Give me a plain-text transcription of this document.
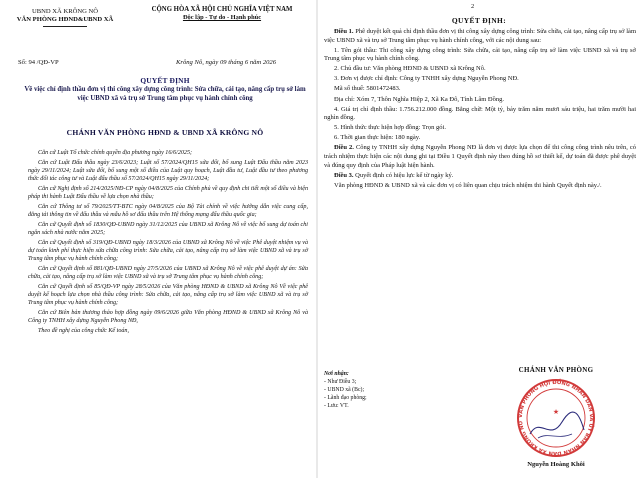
UBND XÃ KRÔNG NÔ
VĂN PHÒNG HĐND&UBND XÃ
CỘNG HÒA XÃ HỘI CHỦ NGHĨA VIỆT NAM
Độc lập - Tự do - Hạnh phúc
Số: 94 /QĐ-VP	Krông Nô, ngày 09 tháng 6 năm 2026
QUYẾT ĐỊNH
Về việc chỉ định thầu đơn vị thi công xây dựng công trình: Sửa chữa, cải tạo, nâng cấp trụ sở làm việc UBND xã và trụ sở Trung tâm phục vụ hành chính công
CHÁNH VĂN PHÒNG HĐND & UBND XÃ KRÔNG NÔ

Căn cứ Luật Tổ chức chính quyền địa phương ngày 16/6/2025;

Căn cứ Luật Đấu thầu ngày 23/6/2023; Luật số 57/2024/QH15 sửa đổi, bổ sung Luật Đấu thầu năm 2023 ngày 29/11/2024; Luật sửa đổi, bổ sung một số điều của Luật quy hoạch, Luật đầu tư, Luật đầu tư theo phương thức đối tác công tư và Luật đấu thầu số 57/2024/QH15 ngày 29/11/2024;

Căn cứ Nghị định số 214/2025/NĐ-CP ngày 04/8/2025 của Chính phủ về quy định chi tiết một số điều và biện pháp thi hành Luật Đấu thầu về lựa chọn nhà thầu;

Căn cứ Thông tư số 79/2025/TT-BTC ngày 04/8/2025 của Bộ Tài chính về việc hướng dẫn việc cung cấp, đăng tải thông tin về đấu thầu và mẫu hồ sơ đấu thầu trên Hệ thống mạng đấu thầu quốc gia;

Căn cứ Quyết định số 1830/QĐ-UBND ngày 31/12/2025 của UBND xã Krông Nô về việc bổ sung dự toán chi ngân sách nhà nước năm 2025;

Căn cứ Quyết định số 319/QĐ-UBND ngày 18/3/2026 của UBND xã Krông Nô về việc Phê duyệt nhiệm vụ và dự toán kinh phí thực hiện sửa chữa công trình: Sửa chữa, cải tạo, nâng cấp trụ sở làm việc UBND xã và trụ sở Trung tâm phục vụ hành chính công;

Căn cứ Quyết định số 881/QĐ-UBND ngày 27/5/2026 của UBND xã Krông Nô về việc phê duyệt dự án: Sửa chữa, cải tạo, nâng cấp trụ sở làm việc UBND xã và trụ sở Trung tâm phục vụ hành chính công;

Căn cứ Quyết định số 85/QĐ-VP ngày 28/5/2026 của Văn phòng HĐND & UBND xã Krông Nô Về việc phê duyệt kế hoạch lựa chọn nhà thầu công trình: Sửa chữa, cải tạo, nâng cấp trụ sở làm việc UBND xã và trụ sở Trung tâm phục vụ hành chính công;

Căn cứ Biên bản thương thảo hợp đồng ngày 09/6/2026 giữa Văn phòng HĐND & UBND xã Krông Nô và Công ty TNHH xây dựng Nguyễn Phong NĐ,

Theo đề nghị của công chức Kế toán,

2
QUYẾT ĐỊNH:

Điều 1. Phê duyệt kết quả chỉ định thầu đơn vị thi công xây dựng công trình: Sửa chữa, cải tạo, nâng cấp trụ sở làm việc UBND xã và trụ sở Trung tâm phục vụ hành chính công, với các nội dung sau:

1. Tên gói thầu: Thi công xây dựng công trình: Sửa chữa, cải tạo, nâng cấp trụ sở làm việc UBND xã và trụ sở Trung tâm phục vụ hành chính công.

2. Chủ đầu tư: Văn phòng HĐND & UBND xã Krông Nô.

3. Đơn vị được chỉ định: Công ty TNHH xây dựng Nguyễn Phong NĐ.

Mã số thuế: 5801472483.

Địa chỉ: Xóm 7, Thôn Nghĩa Hiệp 2, Xã Ka Đô, Tỉnh Lâm Đồng.

4. Giá trị chỉ định thầu: 1.756.212.000 đồng. Bằng chữ: Một tỷ, bảy trăm năm mươi sáu triệu, hai trăm mười hai nghìn đồng.

5. Hình thức thực hiện hợp đồng: Trọn gói.

6. Thời gian thực hiện: 180 ngày.

Điều 2. Công ty TNHH xây dựng Nguyễn Phong NĐ là đơn vị được lựa chọn để thi công công trình nêu trên, có trách nhiệm thực hiện các nội dung ghi tại Điều 1 Quyết định này theo đúng hồ sơ thiết kế, dự toán đã được phê duyệt và đúng quy định của Pháp luật hiện hành.

Điều 3. Quyết định có hiệu lực kể từ ngày ký.

Văn phòng HĐND & UBND xã và các đơn vị có liên quan chịu trách nhiệm thi hành Quyết định này./.

Nơi nhận:
- Như Điều 3;
- UBND xã (Bc);
- Lãnh đạo phòng;
- Lưu: VT.
CHÁNH VĂN PHÒNG
VĂN PHÒNG HỘI ĐỒNG NHÂN DÂN VÀ ỦY BAN NHÂN DÂN XÃ KRÔNG NÔ
★
Nguyễn Hoàng Khôi
